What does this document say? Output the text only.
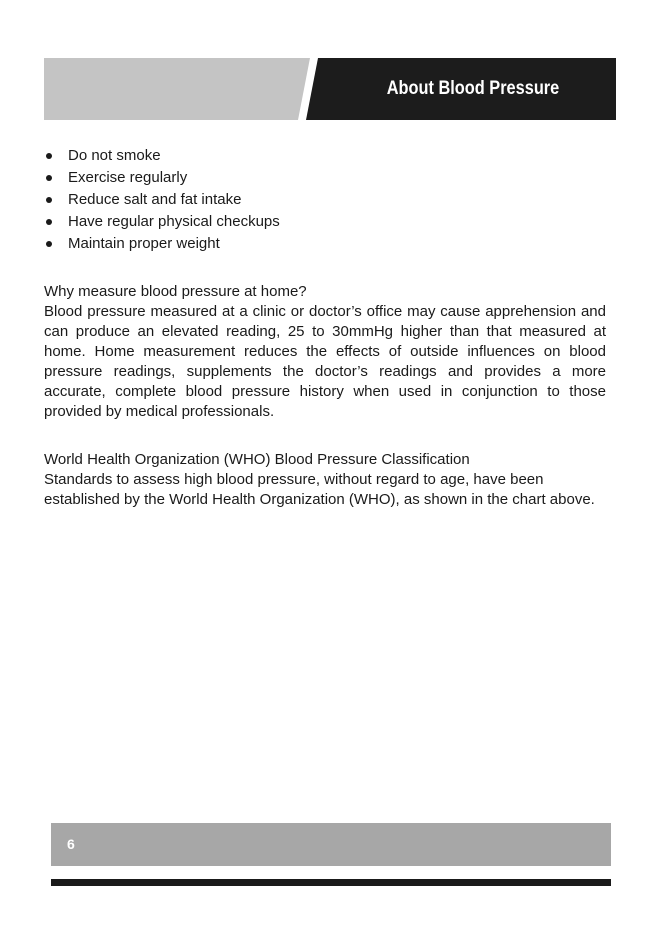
About Blood Pressure
Do not smoke
Exercise regularly
Reduce salt and fat intake
Have regular physical checkups
Maintain proper weight

Why measure blood pressure at home?

Blood pressure measured at a clinic or doctor’s office may cause apprehension and can produce an elevated reading, 25 to 30mmHg higher than that measured at home. Home measurement reduces the effects of outside influences on blood pressure readings, supplements the doctor’s readings and provides a more accurate, complete blood pressure history when used in conjunction to those provided by medical professionals.

World Health Organization (WHO) Blood Pressure Classification

Standards to assess high blood pressure, without regard to age, have been established by the World Health Organization (WHO), as shown in the chart above.

6
